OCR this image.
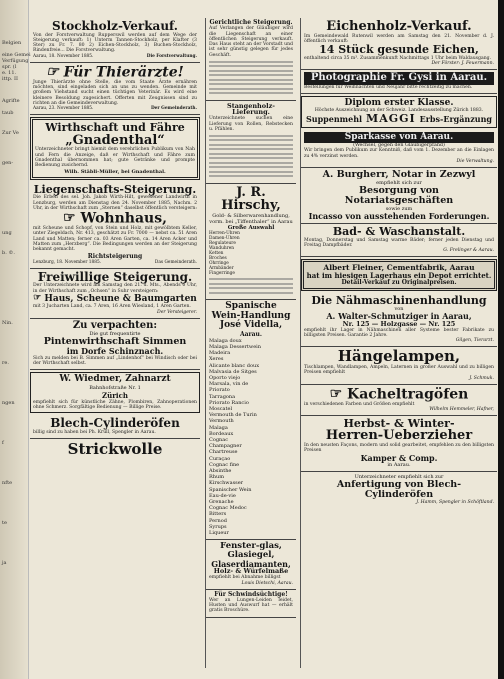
Belgien
eine Gemei
Verfügung
spr. (l
e. 11.
ittp. II
Agrifte
taub
Zur Ve
gen-
ung
b. ©.
Nin.
re.
ngen
f
nfte
te
ja
Stockholz-Verkauf.
Von der Forstverwaltung Rupperswil werden auf dem Wege der Steigerung verkauft: 1) Unterm Tannen-Stockholz, per Klafter (3 Ster) zu Fr. 7. 80 2) Eichen-Stockholz, 3) Buchen-Stockholz, Rindenfreie... Die Forstverwaltung.
Aarau, 18. November 1885.	Die Forstverwaltung.
☞ Für Thierärzte!
Junge Thierärzte ohne Stelle, die vom Staate Ärzte ernähren möchten, sind eingeladen sich an uns zu wenden. Gemeinde mit großem Viehstand sucht einen tüchtigen Veterinär. Es wird eine kleinere Besoldung zugesichert. Offerten mit Zeugnissen sind zu richten an die Gemeindeverwaltung.
Aarau, 23. November 1885.	Der Gemeinderath.
Wirthschaft und Fähre
„Gnadenthal“
Unterzeichneter bringt hiemit dem verehrlichen Publikum von Nah und Fern die Anzeige, daß er Wirthschaft und Fähre zum Gnadenthal übernommen hat; gute Getränke und prompte Bedienung zusichernd.
Wilh. Stäbli-Müller, bei Gnadenthal.
Liegenschafts-Steigerung.
Die Erben des sel. Joh. Jakob Wirth-Hilt, gewesener Landwirth in Lenzburg, werden am Dienstag den 24. November 1885, Nachm. 2 Uhr, in der Wirthschaft zum „Sternen“ daselbst öffentlich versteigern:
☞ Wohnhaus,
mit Scheune und Schopf, von Stein und Holz, mit gewölbtem Keller, unter Ziegeldach, Nr. 413, geschätzt zu Fr. 7000 — nebst ca. 51 Aren Land und Matten; ferner ca. 03 Aren Garten, ca. 14 Aren Acker und Matten zum „Herzberg“. Die Bedingungen werden an der Steigerung bekannt gemacht.
Richtsteigerung
Lenzburg, 18. November 1885.	Das Gemeinderath.
Freiwillige Steigerung.
Der Unterzeichnete wird am Samstag den 21. d. Mts., Abends 6 Uhr, in der Wirthschaft zum „Ochsen“ in Suhr versteigern:
☞ Haus, Scheune & Baumgarten
mit 3 Jucharten Land, ca. 7 Aren, 16 Aren Wiesland, 1 Aren Garten.
Der Versteigerer.
Zu verpachten:
Die gut frequentirte
Pintenwirthschaft Simmen
im Dorfe Schinznach.
Sich zu melden bei B. Simmen auf „Lindenhof“ bei Windisch oder bei der Wirthschaft selbst.
W. Wiedmer, Zahnarzt
Bahnhofstraße Nr. 1
Zürich
empfiehlt sich für künstliche Zähne, Plombiren, Zahnoperationen ohne Schmerz. Sorgfältige Bedienung — Billige Preise.
Blech-Cylinderöfen
billig sind zu haben bei Ph. Krull, Spengler in Aarau.
Strickwolle
Gerichtliche Steigerung.
Auf Verlangen der Gläubiger wird die Liegenschaft an einer öffentlichen Steigerung verkauft. Das Haus steht an der Vorstadt und ist sehr günstig gelegen für jedes Geschäft.
Stangenholz-Lieferung.
Unterzeichnete suchen eine Lieferung von Rollen, Rebstecken u. Pfählen.
J. R. Hirschy,
Gold- & Silberwarenhandlung,
vorm. bei „Tiffenthaler“ in Aarau
Große Auswahl
Herren-Uhren
Damen-Uhren
Regulateure
Wanduhren
Ketten
Broches
Ohrringe
Armbänder
Fingerringe
Spanische
Wein-Handlung
José Vidella,
Aarau.
Malaga doux
Malaga Dessertwein
Madeira
Xeres
Alicante blanc doux
Malvasia de Sitges
Oporto viejo
Marsala, vin de
Priorato
Tarragona
Priorato Rancio
Moscatel
Vermouth de Turin
Vermouth
Malaga
Bordeaux
Cognac
Champagner
Chartreuse
Curaçao
Cognac fine
Absinthe
Rhum
Kirschwasser
Spanischer Wein
Eau-de-vie
Grenache
Cognac Medoc
Bitters
Pernod
Syrups
Liqueur
Fenster-glas,
Glasiegel,
Glaserdiamanten,
Holz- & Würfelmaße
empfiehlt bei Abnahme billigst
Louis Dietschi, Aarau.
Für Schwindsüchtige!
Wer an Lungen-Leiden leidet, Husten und Auswurf hat — erhält gratis Broschüre.
Eichenholz-Verkauf.
Im Gemeindewald Rutenwil werden am Samstag den 21. November d. J. öffentlich verkauft:
14 Stück gesunde Eichen,
enthaltend circa 35 m³. Zusammenkunft Nachmittags 1 Uhr beim Waldausgang.
Der Förster: J. Feuermann.
Photographie Fr. Gysi in Aarau.
Bestellungen für Weihnachten und Neujahr bitte rechtzeitig zu machen.
Diplom erster Klasse.
Höchste Auszeichnung an der Schweiz. Landesausstellung Zürich 1883.
Suppenmehl MAGGI Erbs-Ergänzung
Sparkasse von Aarau.
(Wechsel, gegen den Gläubigerpfand)
Wir bringen dem Publikum zur Kenntniß, daß vom 1. Dezember an die Einlagen zu 4% verzinst werden.
Die Verwaltung.
A. Burgherr, Notar in Zezwyl
empfiehlt sich zur
Besorgung von Notariatsgeschäften
sowie zum
Incasso von ausstehenden Forderungen.
Bad- & Waschanstalt.
Montag, Donnerstag und Samstag warme Bäder; ferner jeden Dienstag und Freitag Dampfbäder.
G. Frelinger & Aarau.
Albert Fleiner, Cementfabrik, Aarau
hat im hiesigen Lagerhaus ein Depot errichtet.
Detail-Verkauf zu Originalpreisen.
Die Nähmaschinenhandlung
von
A. Walter-Schmutziger in Aarau,
Nr. 125 — Holzgasse — Nr. 125
empfiehlt ihr Lager in Nähmaschinen aller Systeme bester Fabrikate zu billigsten Preisen. Garantie 2 Jahre.
Gilgen, Tierarzt.
Hängelampen,
Tischlampen, Wandlampen, Ampeln, Laternen in großer Auswahl und zu billigen Preisen empfiehlt
J. Schmuk.
☞ Kacheltragöfen
in verschiedenen Farben und Größen empfiehlt
Wilhelm Hemmeler, Hafner,
Herbst- & Winter-
Herren-Ueberzieher
In den neusten Façons, modern und solid gearbeitet, empfehlen zu den billigsten Preisen
Kamper & Comp.
in Aarau.
Unterzeichneter empfiehlt sich zur
Anfertigung von Blech-Cylinderöfen
J. Hamm, Spengler in Schöftland.
